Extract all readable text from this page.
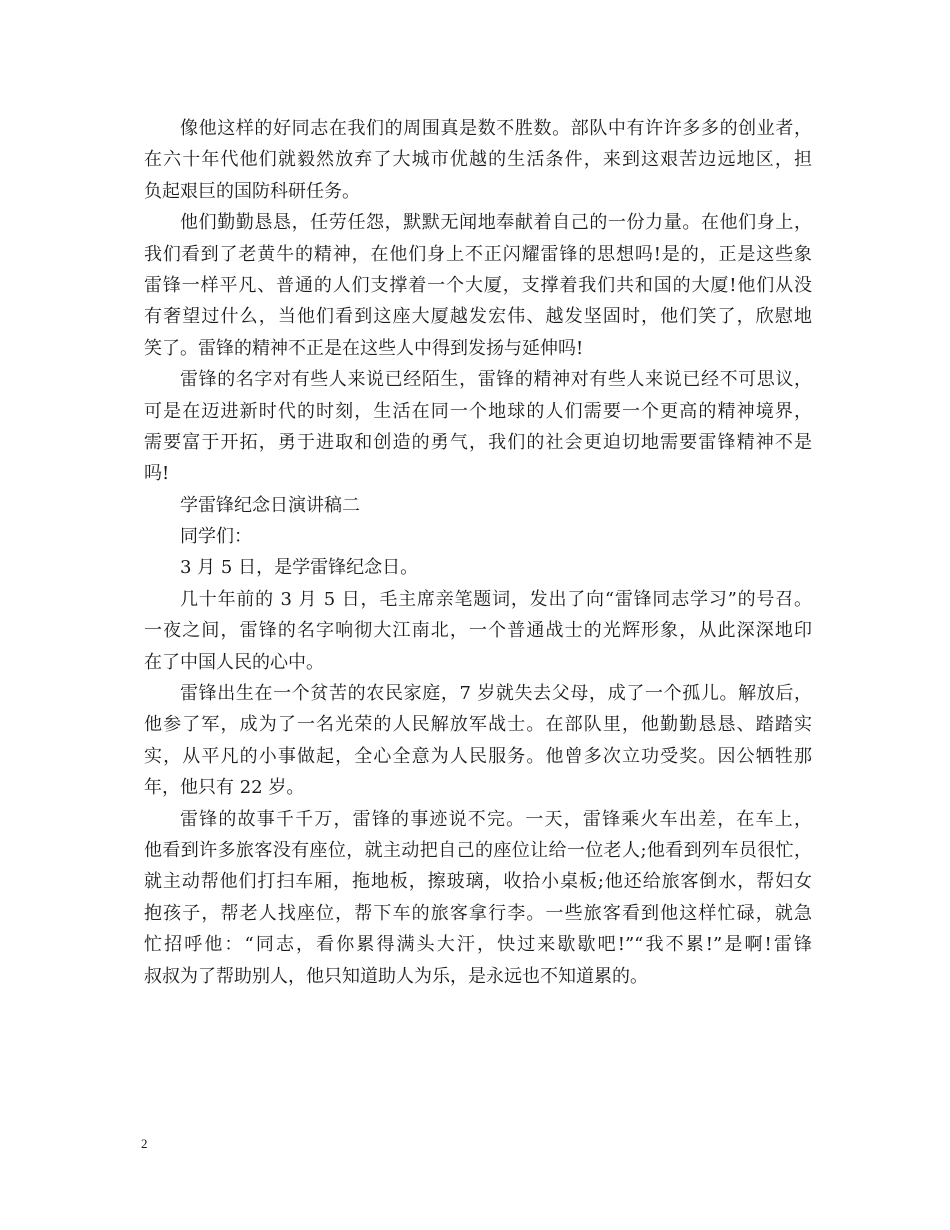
像他这样的好同志在我们的周围真是数不胜数。部队中有许许多多的创业者，
在六十年代他们就毅然放弃了大城市优越的生活条件，来到这艰苦边远地区，担
负起艰巨的国防科研任务。
他们勤勤恳恳，任劳任怨，默默无闻地奉献着自己的一份力量。在他们身上，
我们看到了老黄牛的精神，在他们身上不正闪耀雷锋的思想吗!是的，正是这些象
雷锋一样平凡、普通的人们支撑着一个大厦，支撑着我们共和国的大厦!他们从没
有奢望过什么，当他们看到这座大厦越发宏伟、越发坚固时，他们笑了，欣慰地
笑了。雷锋的精神不正是在这些人中得到发扬与延伸吗!
雷锋的名字对有些人来说已经陌生，雷锋的精神对有些人来说已经不可思议，
可是在迈进新时代的时刻，生活在同一个地球的人们需要一个更高的精神境界，
需要富于开拓，勇于进取和创造的勇气，我们的社会更迫切地需要雷锋精神不是
吗!
学雷锋纪念日演讲稿二
同学们：
3 月 5 日，是学雷锋纪念日。
几十年前的 3 月 5 日，毛主席亲笔题词，发出了向“雷锋同志学习”的号召。
一夜之间，雷锋的名字响彻大江南北，一个普通战士的光辉形象，从此深深地印
在了中国人民的心中。
雷锋出生在一个贫苦的农民家庭，7 岁就失去父母，成了一个孤儿。解放后，
他参了军，成为了一名光荣的人民解放军战士。在部队里，他勤勤恳恳、踏踏实
实，从平凡的小事做起，全心全意为人民服务。他曾多次立功受奖。因公牺牲那
年，他只有 22 岁。
雷锋的故事千千万，雷锋的事迹说不完。一天，雷锋乘火车出差，在车上，
他看到许多旅客没有座位，就主动把自己的座位让给一位老人;他看到列车员很忙，
就主动帮他们打扫车厢，拖地板，擦玻璃，收拾小桌板;他还给旅客倒水，帮妇女
抱孩子，帮老人找座位，帮下车的旅客拿行李。一些旅客看到他这样忙碌，就急
忙招呼他：“同志，看你累得满头大汗，快过来歇歇吧!”“我不累!”是啊!雷锋
叔叔为了帮助别人，他只知道助人为乐，是永远也不知道累的。
2
